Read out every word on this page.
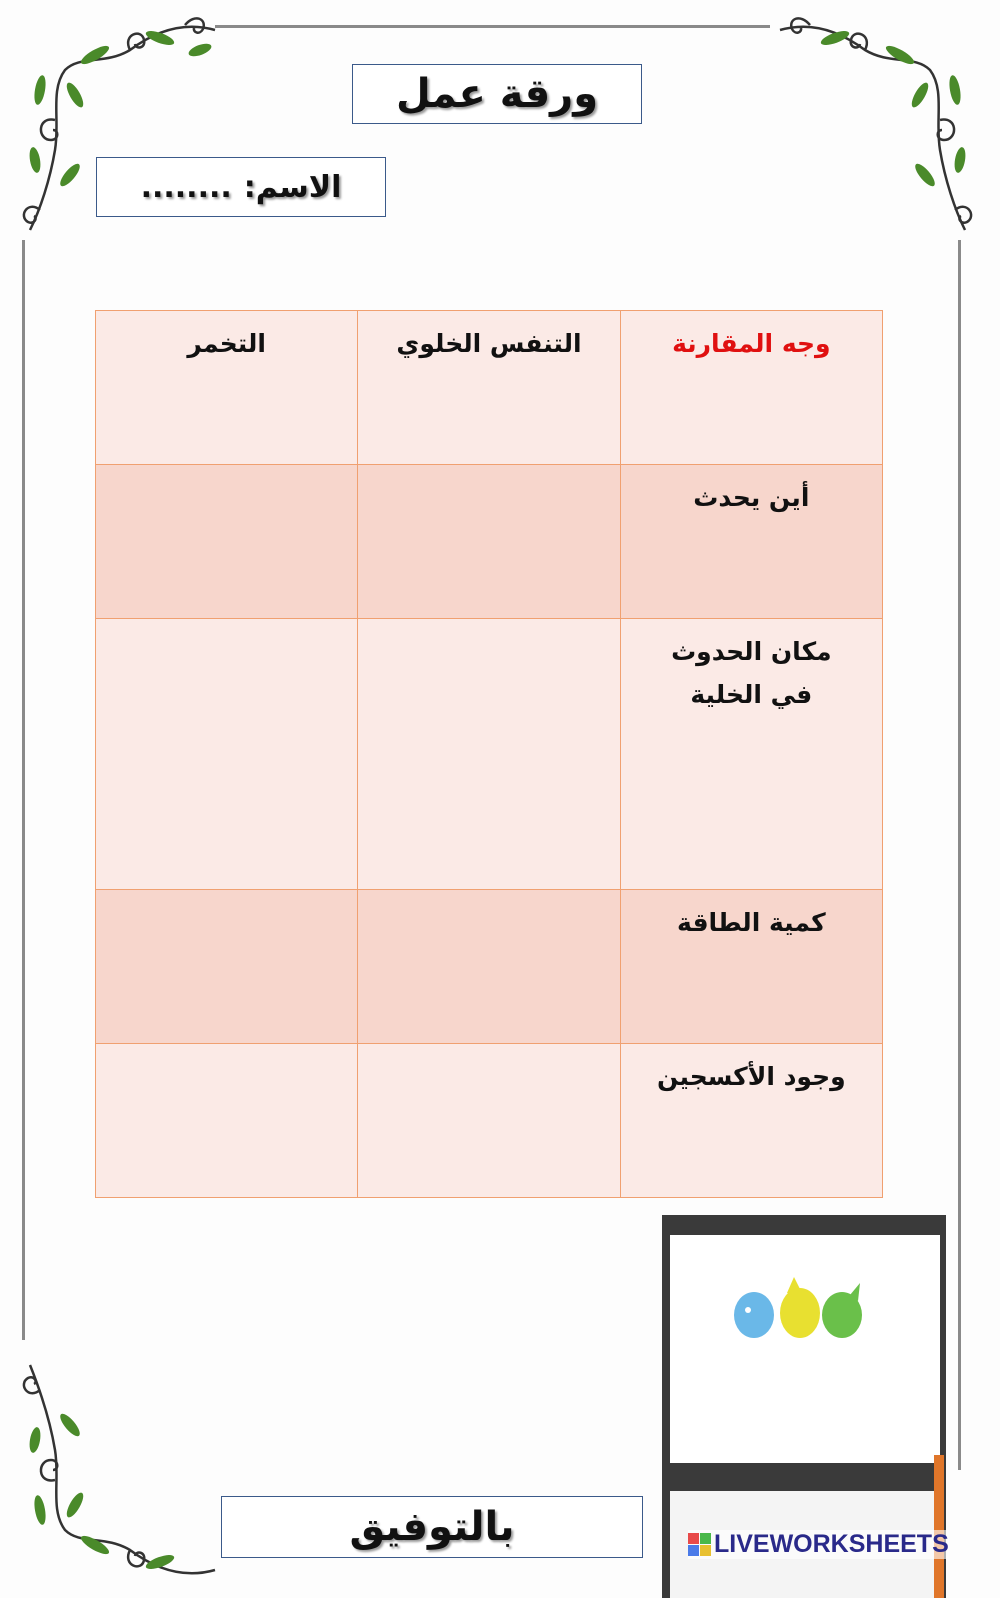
ورقة عمل
الاسم:
........
وجه المقارنة	التنفس الخلوي	التخمر
أين يحدث		
مكان الحدوث في الخلية		
كمية الطاقة		
وجود الأكسجين		
بالتوفيق	LIVEWORKSHEETS
